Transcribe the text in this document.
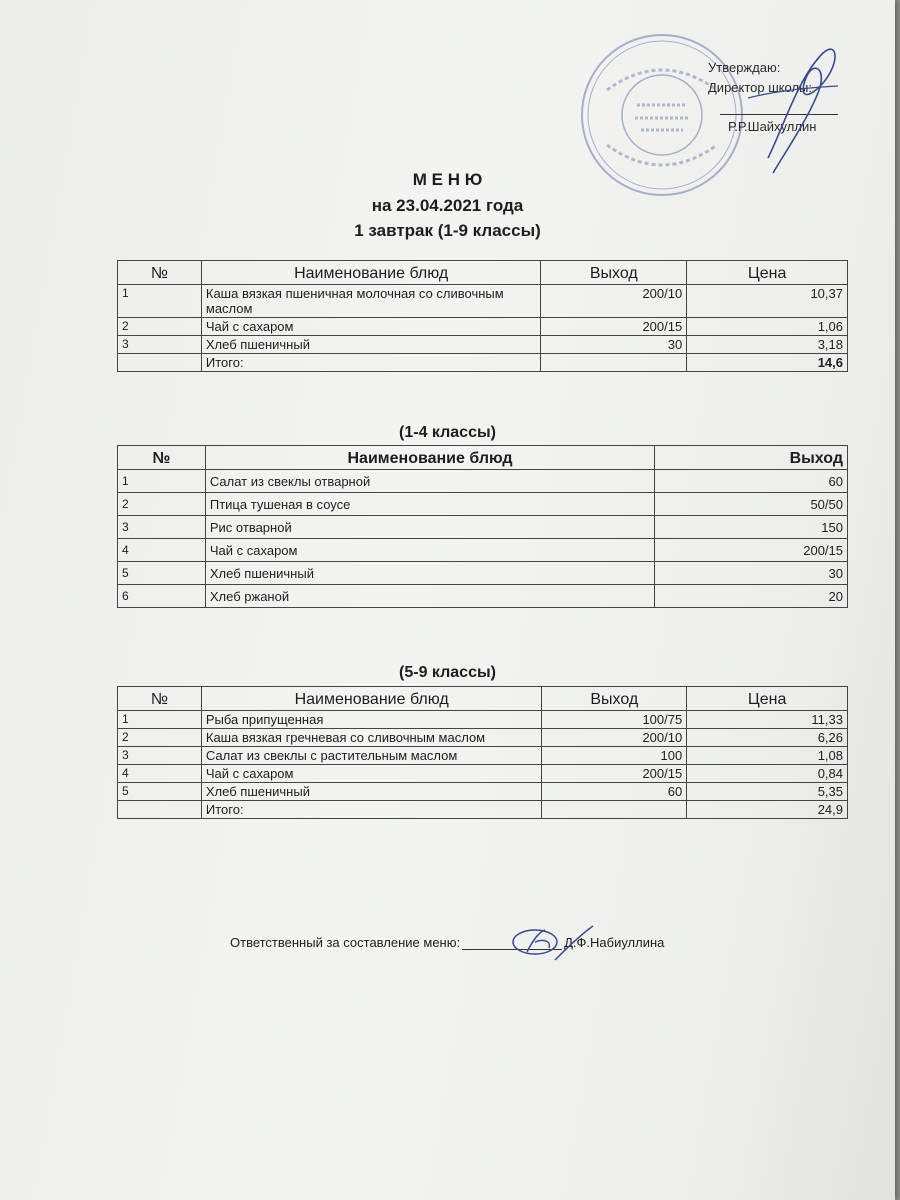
Утверждаю:
Директор школы:
Р.Р.Шайхуллин
М Е Н Ю
на 23.04.2021 года
1 завтрак (1-9 классы)
№	Наименование блюд	Выход	Цена
1	Каша вязкая пшеничная молочная со сливочным маслом	200/10	10,37
2	Чай с сахаром	200/15	1,06
3	Хлеб пшеничный	30	3,18
	Итого:		14,6
(1-4 классы)
№	Наименование блюд	Выход
1	Салат из свеклы отварной	60
2	Птица тушеная в соусе	50/50
3	Рис отварной	150
4	Чай с сахаром	200/15
5	Хлеб пшеничный	30
6	Хлеб ржаной	20
(5-9 классы)
№	Наименование блюд	Выход	Цена
1	Рыба припущенная	100/75	11,33
2	Каша вязкая гречневая со сливочным маслом	200/10	6,26
3	Салат из свеклы с растительным маслом	100	1,08
4	Чай с сахаром	200/15	0,84
5	Хлеб пшеничный	60	5,35
	Итого:		24,9
Ответственный за составление меню:	Д.Ф.Набиуллина
